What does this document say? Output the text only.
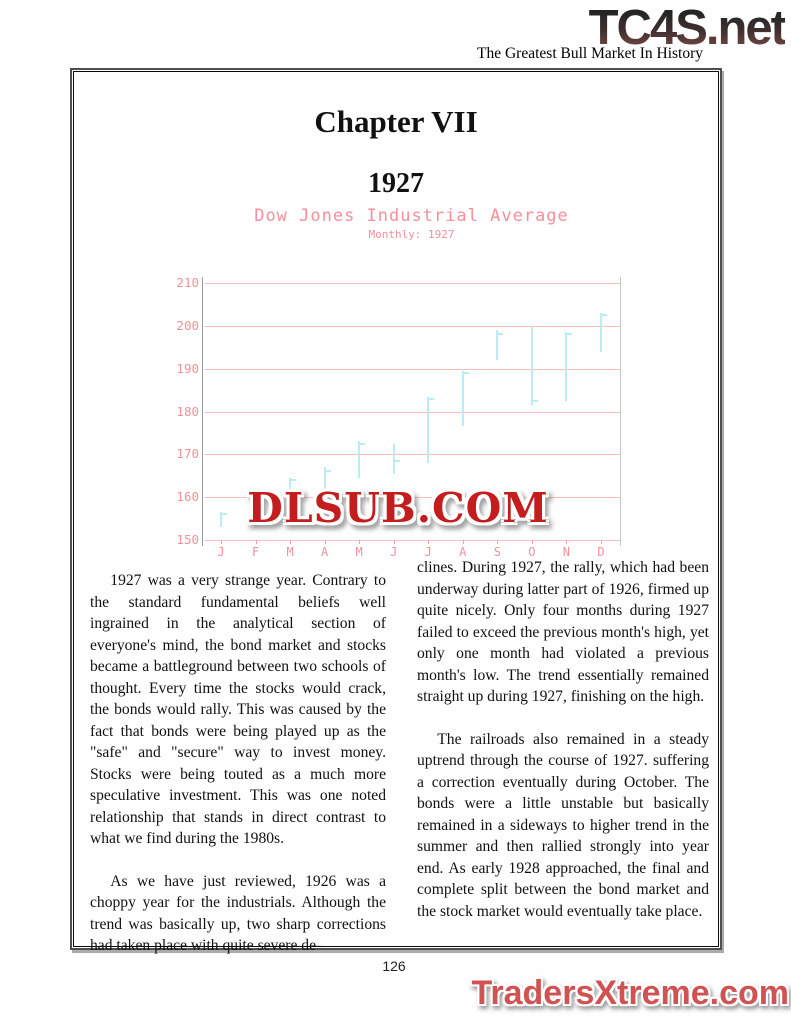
TC4S.net
The Greatest Bull Market In History
Chapter VII
1927
Dow Jones Industrial Average
Monthly: 1927
210
200
190
180
170
160
150
J	F	M	A	M	J	J	A	S	O	N	D
DLSUB.COM

1927 was a very strange year. Contrary to the standard fundamental beliefs well ingrained in the analytical section of everyone's mind, the bond market and stocks became a battleground between two schools of thought. Every time the stocks would crack, the bonds would rally. This was caused by the fact that bonds were being played up as the "safe" and "secure" way to invest money. Stocks were being touted as a much more speculative investment. This was one noted relationship that stands in direct contrast to what we find during the 1980s.

As we have just reviewed, 1926 was a choppy year for the industrials. Although the trend was basically up, two sharp corrections had taken place with quite severe de-

clines. During 1927, the rally, which had been underway during latter part of 1926, firmed up quite nicely. Only four months during 1927 failed to exceed the previous month's high, yet only one month had violated a previous month's low. The trend essentially remained straight up during 1927, finishing on the high.

The railroads also remained in a steady uptrend through the course of 1927. suffering a correction eventually during October. The bonds were a little unstable but basically remained in a sideways to higher trend in the summer and then rallied strongly into year end. As early 1928 approached, the final and complete split between the bond market and the stock market would eventually take place.

126
TradersXtreme.com
